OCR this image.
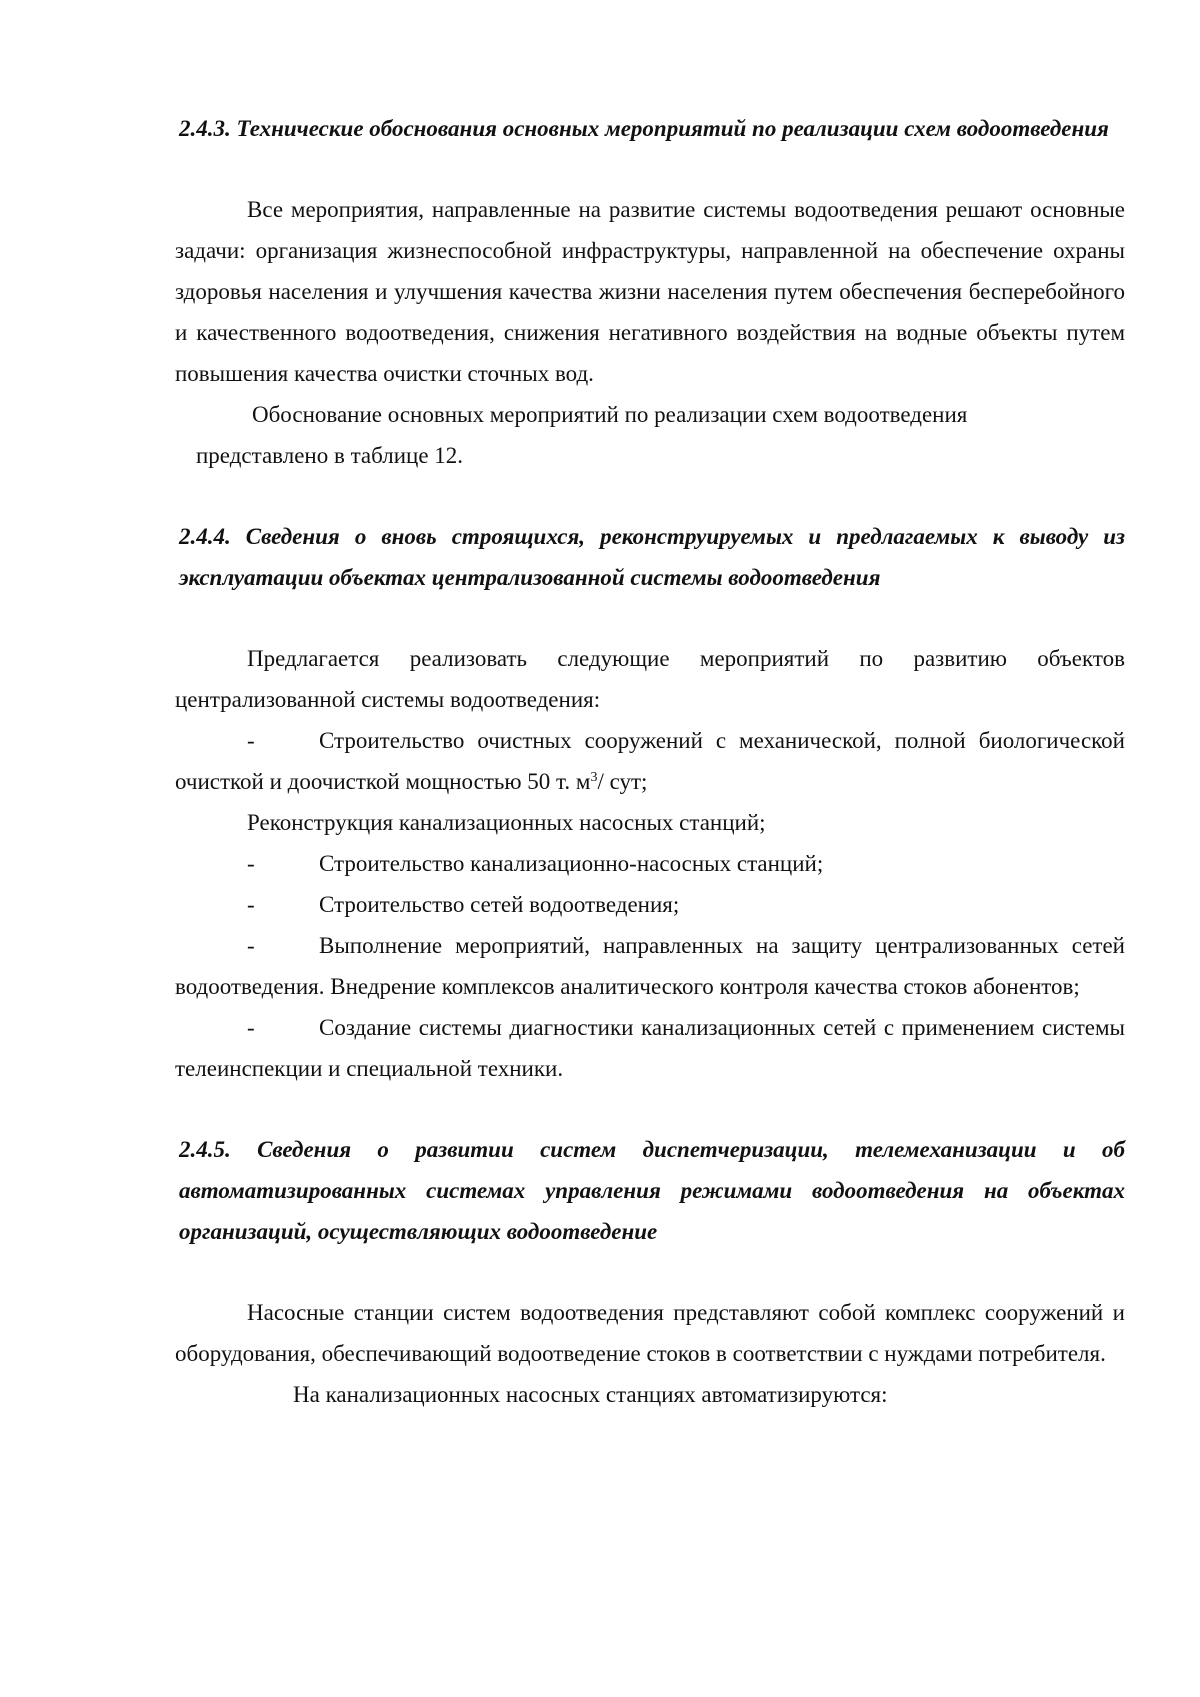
2.4.3. Технические обоснования основных мероприятий по реализации схем водоотведения

Все мероприятия, направленные на развитие системы водоотведения решают основные задачи: организация жизнеспособной инфраструктуры, направленной на обеспечение охраны здоровья населения и улучшения качества жизни населения путем обеспечения бесперебойного и качественного водоотведения, снижения негативного воздействия на водные объекты путем повышения качества очистки сточных вод.

Обоснование основных мероприятий по реализации схем водоотведения

представлено в таблице 12.

2.4.4. Сведения о вновь строящихся, реконструируемых и предлагаемых к выводу из эксплуатации объектах централизованной системы водоотведения

Предлагается реализовать следующие мероприятий по развитию объектов централизованной системы водоотведения:

-	Строительство очистных сооружений с механической, полной биологической очисткой и доочисткой мощностью 50 т. $м^3/$ сут;

Реконструкция канализационных насосных станций;

-	Строительство канализационно-насосных станций;

-	Строительство сетей водоотведения;

-	Выполнение мероприятий, направленных на защиту централизованных сетей водоотведения. Внедрение комплексов аналитического контроля качества стоков абонентов;

-	Создание системы диагностики канализационных сетей с применением системы телеинспекции и специальной техники.

2.4.5. Сведения о развитии систем диспетчеризации, телемеханизации и об автоматизированных системах управления режимами водоотведения на объектах организаций, осуществляющих водоотведение

Насосные станции систем водоотведения представляют собой комплекс сооружений и оборудования, обеспечивающий водоотведение стоков в соответствии с нуждами потребителя.

На канализационных насосных станциях автоматизируются:
